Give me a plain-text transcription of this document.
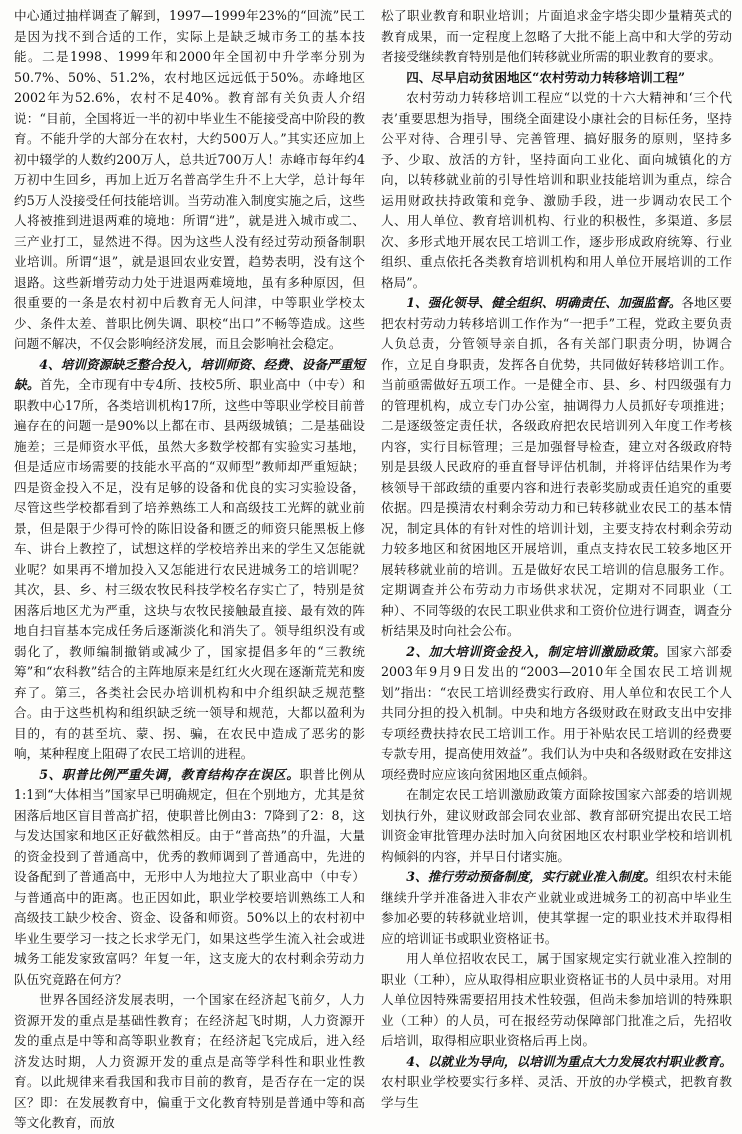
中心通过抽样调查了解到，1997—1999年23%的“回流”民工是因为找不到合适的工作，实际上是缺乏城市务工的基本技能。二是1998、1999年和2000年全国初中升学率分别为50.7%、50%、51.2%，农村地区远远低于50%。赤峰地区2002年为52.6%，农村不足40%。教育部有关负责人介绍说：“目前，全国将近一半的初中毕业生不能接受高中阶段的教育。不能升学的大部分在农村，大约500万人。”其实还应加上初中辍学的人数约200万人，总共近700万人！赤峰市每年约4万初中生回乡，再加上近万名普高学生升不上大学，总计每年约5万人没接受任何技能培训。当劳动准入制度实施之后，这些人将被推到进退两难的境地：所谓“进”，就是进入城市或二、三产业打工，显然进不得。因为这些人没有经过劳动预备制职业培训。所谓“退”，就是退回农业安置，趋势表明，没有这个退路。这些新增劳动力处于进退两难境地，虽有多种原因，但很重要的一条是农村初中后教育无人问津，中等职业学校太少、条件太差、普职比例失调、职校“出口”不畅等造成。这些问题不解决，不仅会影响经济发展，而且会影响社会稳定。

4、培训资源缺乏整合投入，培训师资、经费、设备严重短缺。首先，全市现有中专4所、技校5所、职业高中（中专）和职教中心17所，各类培训机构17所，这些中等职业学校目前普遍存在的问题一是90%以上都在市、县两级城镇；二是基础设施差；三是师资水平低，虽然大多数学校都有实验实习基地，但是适应市场需要的技能水平高的“双师型”教师却严重短缺；四是资金投入不足，没有足够的设备和优良的实习实验设备，尽管这些学校都看到了培养熟练工人和高级技工光辉的就业前景，但是限于少得可怜的陈旧设备和匮乏的师资只能黑板上修车、讲台上教控了，试想这样的学校培养出来的学生又怎能就业呢？如果再不增加投入又怎能进行农民进城务工的培训呢？其次，县、乡、村三级农牧民科技学校名存实亡了，特别是贫困落后地区尤为严重，这块与农牧民接触最直接、最有效的阵地自扫盲基本完成任务后逐渐淡化和消失了。领导组织没有或弱化了，教师编制撤销或减少了，国家提倡多年的“三教统筹”和“农科教”结合的主阵地原来是红红火火现在逐渐荒芜和废弃了。第三，各类社会民办培训机构和中介组织缺乏规范整合。由于这些机构和组织缺乏统一领导和规范，大都以盈利为目的，有的甚至坑、蒙、拐、骗，在农民中造成了恶劣的影响，某种程度上阻碍了农民工培训的进程。

5、职普比例严重失调，教育结构存在误区。职普比例从1:1到“大体相当”国家早已明确规定，但在个别地方，尤其是贫困落后地区盲目普高扩招，使职普比例由3：7降到了2：8，这与发达国家和地区正好截然相反。由于“普高热”的升温，大量的资金投到了普通高中，优秀的教师调到了普通高中，先进的设备配到了普通高中，无形中人为地拉大了职业高中（中专）与普通高中的距离。也正因如此，职业学校要培训熟练工人和高级技工缺少校舍、资金、设备和师资。50%以上的农村初中毕业生要学习一技之长求学无门，如果这些学生流入社会或进城务工能发家致富吗？年复一年，这支庞大的农村剩余劳动力队伍究竟路在何方？

世界各国经济发展表明，一个国家在经济起飞前夕，人力资源开发的重点是基础性教育；在经济起飞时期，人力资源开发的重点是中等和高等职业教育；在经济起飞完成后，进入经济发达时期，人力资源开发的重点是高等学科性和职业性教育。以此规律来看我国和我市目前的教育，是否存在一定的误区？即：在发展教育中，偏重于文化教育特别是普通中等和高等文化教育，而放

松了职业教育和职业培训；片面追求金字塔尖即少量精英式的教育成果，而一定程度上忽略了大批不能上高中和大学的劳动者接受继续教育特别是他们转移就业所需的职业教育的要求。

四、尽早启动贫困地区“农村劳动力转移培训工程”

农村劳动力转移培训工程应“以党的十六大精神和‘三个代表’重要思想为指导，围绕全面建设小康社会的目标任务，坚持公平对待、合理引导、完善管理、搞好服务的原则，坚持多予、少取、放活的方针，坚持面向工业化、面向城镇化的方向，以转移就业前的引导性培训和职业技能培训为重点，综合运用财政扶持政策和竞争、激励手段，进一步调动农民工个人、用人单位、教育培训机构、行业的积极性，多渠道、多层次、多形式地开展农民工培训工作，逐步形成政府统筹、行业组织、重点依托各类教育培训机构和用人单位开展培训的工作格局”。

1、强化领导、健全组织、明确责任、加强监督。各地区要把农村劳动力转移培训工作作为“一把手”工程，党政主要负责人负总责，分管领导亲自抓，各有关部门职责分明，协调合作，立足自身职责，发挥各自优势，共同做好转移培训工作。当前亟需做好五项工作。一是健全市、县、乡、村四级强有力的管理机构，成立专门办公室，抽调得力人员抓好专项推进；二是逐级签定责任状，各级政府把农民培训列入年度工作考核内容，实行目标管理；三是加强督导检查，建立对各级政府特别是县级人民政府的垂直督导评估机制，并将评估结果作为考核领导干部政绩的重要内容和进行表彰奖励或责任追究的重要依据。四是摸清农村剩余劳动力和已转移就业农民工的基本情况，制定具体的有针对性的培训计划，主要支持农村剩余劳动力较多地区和贫困地区开展培训，重点支持农民工较多地区开展转移就业前的培训。五是做好农民工培训的信息服务工作。定期调查并公布劳动力市场供求状况，定期对不同职业（工种）、不同等级的农民工职业供求和工资价位进行调查，调查分析结果及时向社会公布。

2、加大培训资金投入，制定培训激励政策。国家六部委2003年9月9日发出的“2003—2010年全国农民工培训规划”指出：“农民工培训经费实行政府、用人单位和农民工个人共同分担的投入机制。中央和地方各级财政在财政支出中安排专项经费扶持农民工培训工作。用于补贴农民工培训的经费要专款专用，提高使用效益”。我们认为中央和各级财政在安排这项经费时应应该向贫困地区重点倾斜。

在制定农民工培训激励政策方面除按国家六部委的培训规划执行外，建议财政部会同农业部、教育部研究提出农民工培训资金审批管理办法时加入向贫困地区农村职业学校和培训机构倾斜的内容，并早日付诸实施。

3、推行劳动预备制度，实行就业准入制度。组织农村未能继续升学并准备进入非农产业就业或进城务工的初高中毕业生参加必要的转移就业培训，使其掌握一定的职业技术并取得相应的培训证书或职业资格证书。

用人单位招收农民工，属于国家规定实行就业准入控制的职业（工种），应从取得相应职业资格证书的人员中录用。对用人单位因特殊需要招用技术性较强，但尚未参加培训的特殊职业（工种）的人员，可在报经劳动保障部门批准之后，先招收后培训，取得相应职业资格后再上岗。

4、以就业为导向，以培训为重点大力发展农村职业教育。农村职业学校要实行多样、灵活、开放的办学模式，把教育教学与生
